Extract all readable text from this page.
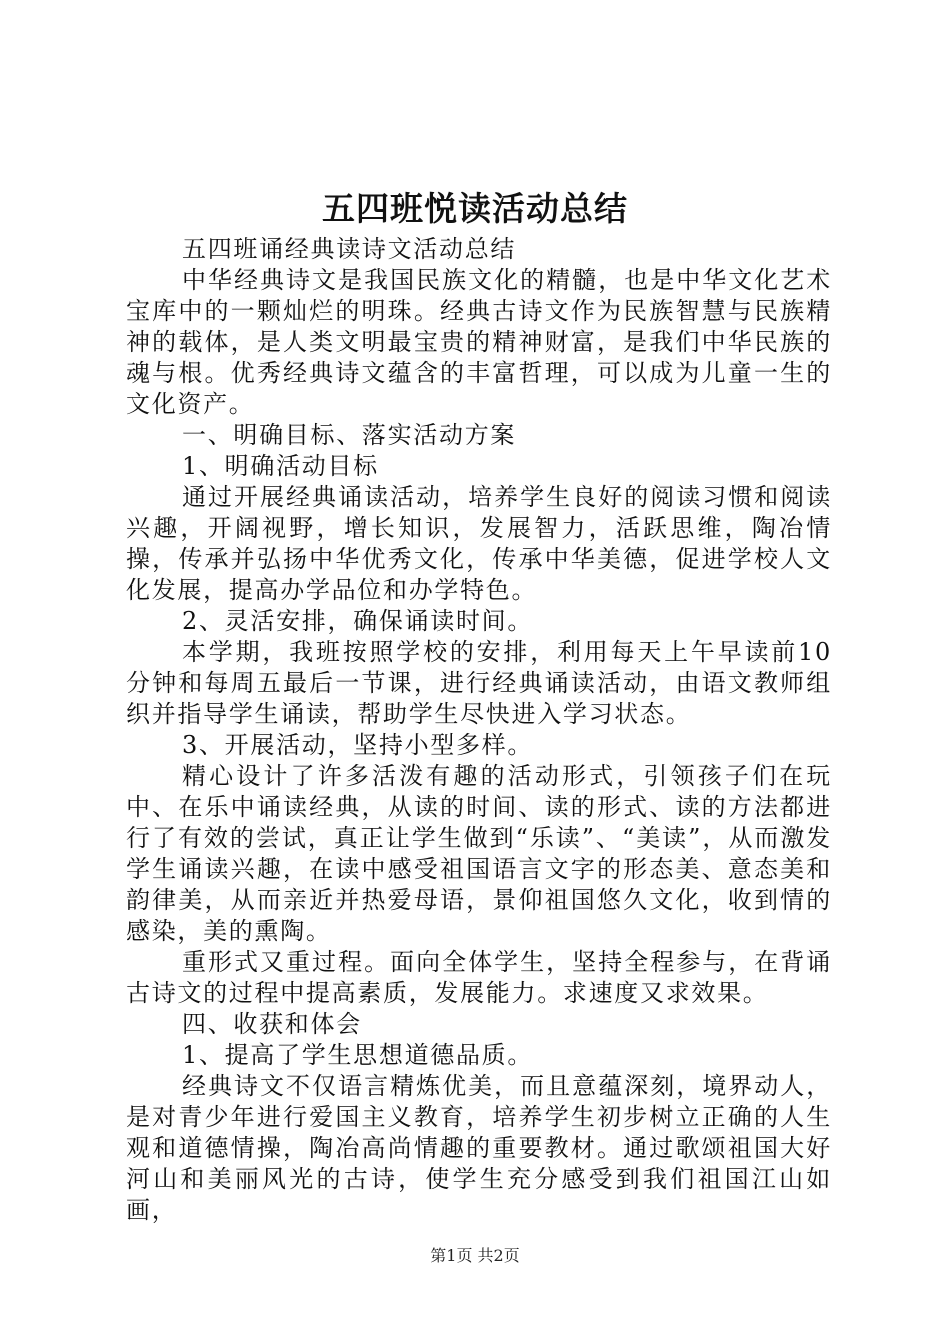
五四班悦读活动总结

五四班诵经典读诗文活动总结

中华经典诗文是我国民族文化的精髓，也是中华文化艺术宝库中的一颗灿烂的明珠。经典古诗文作为民族智慧与民族精神的载体，是人类文明最宝贵的精神财富，是我们中华民族的魂与根。优秀经典诗文蕴含的丰富哲理，可以成为儿童一生的文化资产。

一、明确目标、落实活动方案

1、明确活动目标

通过开展经典诵读活动，培养学生良好的阅读习惯和阅读兴趣，开阔视野，增长知识，发展智力，活跃思维，陶冶情操，传承并弘扬中华优秀文化，传承中华美德，促进学校人文化发展，提高办学品位和办学特色。

2、灵活安排，确保诵读时间。

本学期，我班按照学校的安排，利用每天上午早读前10分钟和每周五最后一节课，进行经典诵读活动，由语文教师组织并指导学生诵读，帮助学生尽快进入学习状态。

3、开展活动，坚持小型多样。

精心设计了许多活泼有趣的活动形式，引领孩子们在玩中、在乐中诵读经典，从读的时间、读的形式、读的方法都进行了有效的尝试，真正让学生做到“乐读”、“美读”，从而激发学生诵读兴趣，在读中感受祖国语言文字的形态美、意态美和韵律美，从而亲近并热爱母语，景仰祖国悠久文化，收到情的感染，美的熏陶。

重形式又重过程。面向全体学生，坚持全程参与，在背诵古诗文的过程中提高素质，发展能力。求速度又求效果。

四、收获和体会

1、提高了学生思想道德品质。

经典诗文不仅语言精炼优美，而且意蕴深刻，境界动人，是对青少年进行爱国主义教育，培养学生初步树立正确的人生观和道德情操，陶冶高尚情趣的重要教材。通过歌颂祖国大好河山和美丽风光的古诗，使学生充分感受到我们祖国江山如画，

第1页 共2页
